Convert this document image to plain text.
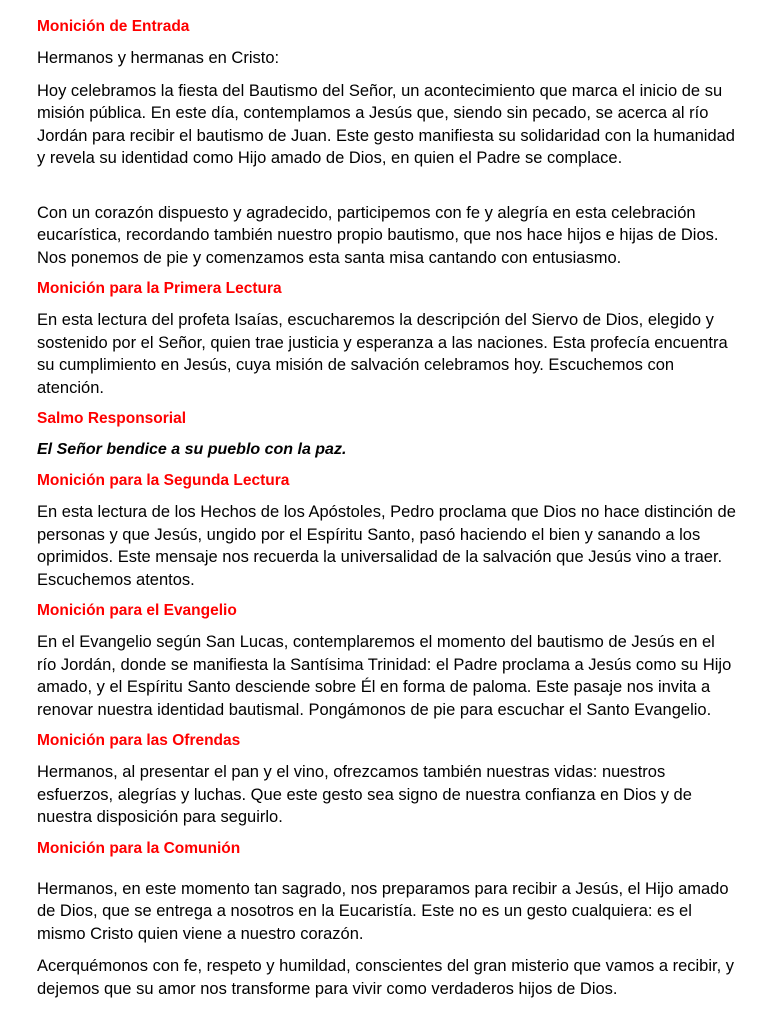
Monición de Entrada
Hermanos y hermanas en Cristo:
Hoy celebramos la fiesta del Bautismo del Señor, un acontecimiento que marca el inicio de su misión pública. En este día, contemplamos a Jesús que, siendo sin pecado, se acerca al río Jordán para recibir el bautismo de Juan. Este gesto manifiesta su solidaridad con la humanidad y revela su identidad como Hijo amado de Dios, en quien el Padre se complace.
Con un corazón dispuesto y agradecido, participemos con fe y alegría en esta celebración eucarística, recordando también nuestro propio bautismo, que nos hace hijos e hijas de Dios. Nos ponemos de pie y comenzamos esta santa misa cantando con entusiasmo.
Monición para la Primera Lectura
En esta lectura del profeta Isaías, escucharemos la descripción del Siervo de Dios, elegido y sostenido por el Señor, quien trae justicia y esperanza a las naciones. Esta profecía encuentra su cumplimiento en Jesús, cuya misión de salvación celebramos hoy. Escuchemos con atención.
Salmo Responsorial
El Señor bendice a su pueblo con la paz.
Monición para la Segunda Lectura
En esta lectura de los Hechos de los Apóstoles, Pedro proclama que Dios no hace distinción de personas y que Jesús, ungido por el Espíritu Santo, pasó haciendo el bien y sanando a los oprimidos. Este mensaje nos recuerda la universalidad de la salvación que Jesús vino a traer. Escuchemos atentos.
Monición para el Evangelio
En el Evangelio según San Lucas, contemplaremos el momento del bautismo de Jesús en el río Jordán, donde se manifiesta la Santísima Trinidad: el Padre proclama a Jesús como su Hijo amado, y el Espíritu Santo desciende sobre Él en forma de paloma. Este pasaje nos invita a renovar nuestra identidad bautismal. Pongámonos de pie para escuchar el Santo Evangelio.
Monición para las Ofrendas
Hermanos, al presentar el pan y el vino, ofrezcamos también nuestras vidas: nuestros esfuerzos, alegrías y luchas. Que este gesto sea signo de nuestra confianza en Dios y de nuestra disposición para seguirlo.
Monición para la Comunión
Hermanos, en este momento tan sagrado, nos preparamos para recibir a Jesús, el Hijo amado de Dios, que se entrega a nosotros en la Eucaristía. Este no es un gesto cualquiera: es el mismo Cristo quien viene a nuestro corazón.
Acerquémonos con fe, respeto y humildad, conscientes del gran misterio que vamos a recibir, y dejemos que su amor nos transforme para vivir como verdaderos hijos de Dios.
